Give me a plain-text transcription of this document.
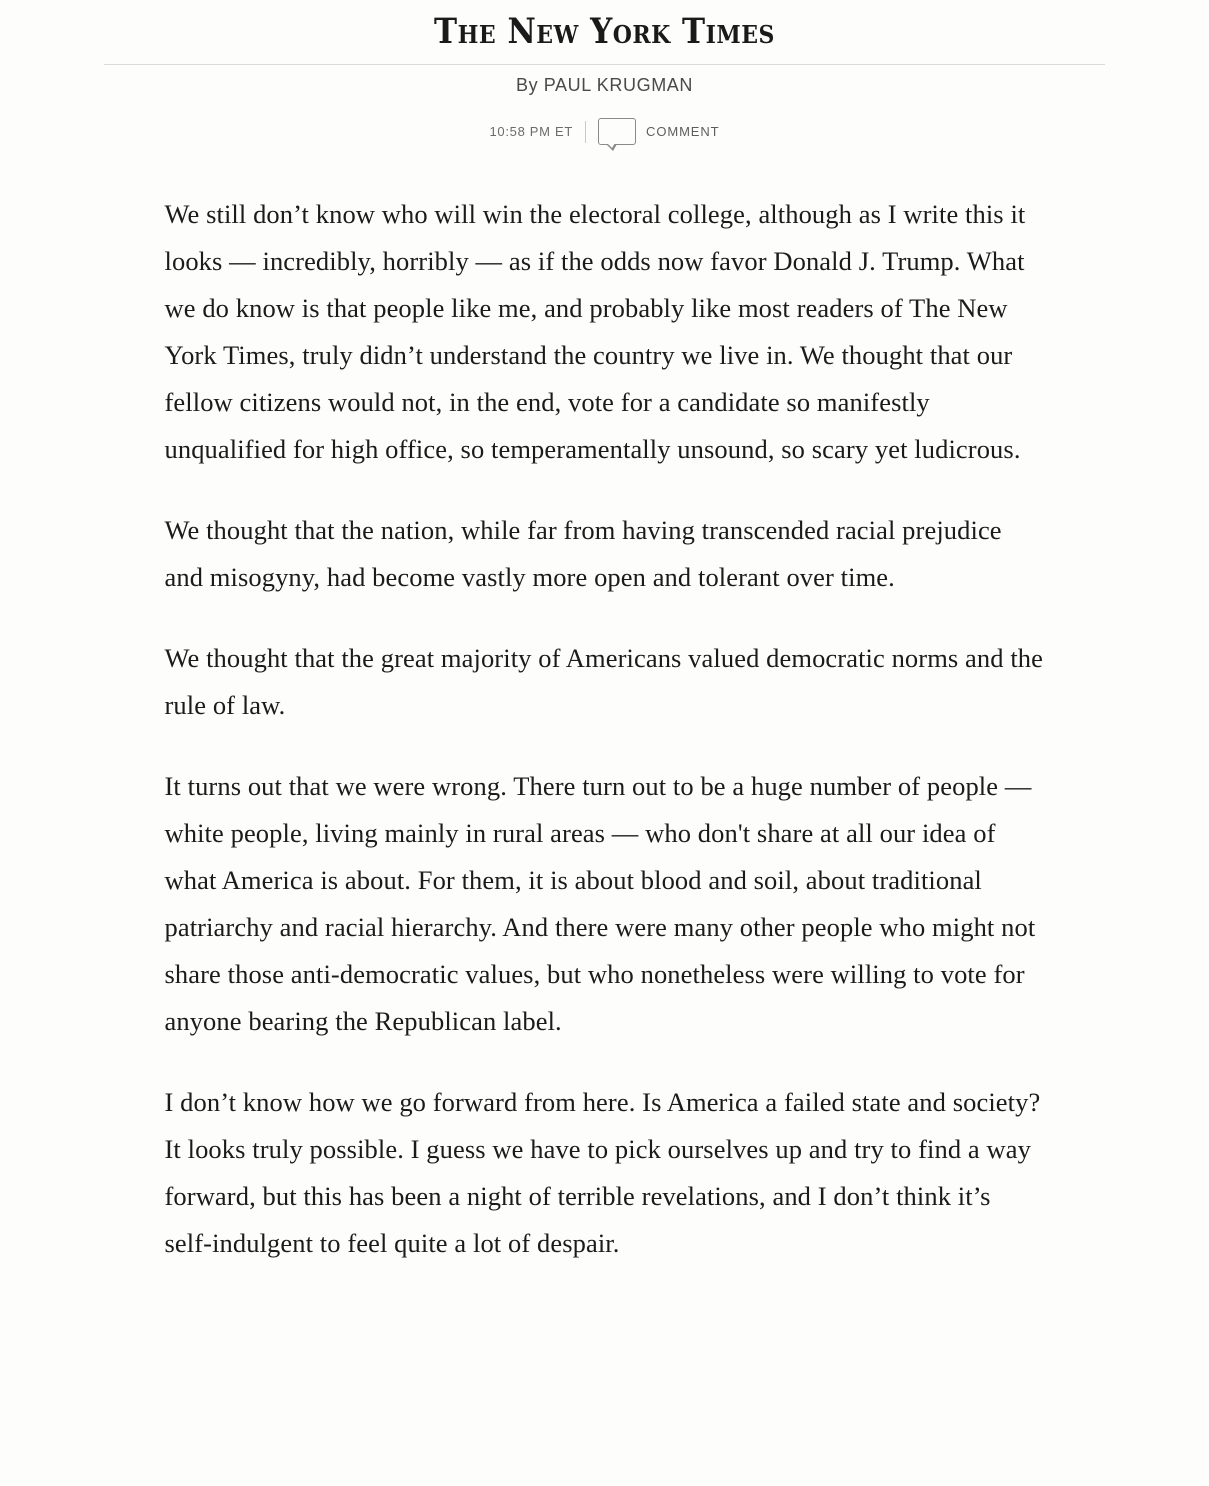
The New York Times
By PAUL KRUGMAN
10:58 PM ET	COMMENT

We still don’t know who will win the electoral college, although as I write this it looks — incredibly, horribly — as if the odds now favor Donald J. Trump. What we do know is that people like me, and probably like most readers of The New York Times, truly didn’t understand the country we live in. We thought that our fellow citizens would not, in the end, vote for a candidate so manifestly unqualified for high office, so temperamentally unsound, so scary yet ludicrous.

We thought that the nation, while far from having transcended racial prejudice and misogyny, had become vastly more open and tolerant over time.

We thought that the great majority of Americans valued democratic norms and the rule of law.

It turns out that we were wrong. There turn out to be a huge number of people — white people, living mainly in rural areas — who don't share at all our idea of what America is about. For them, it is about blood and soil, about traditional patriarchy and racial hierarchy. And there were many other people who might not share those anti-democratic values, but who nonetheless were willing to vote for anyone bearing the Republican label.

I don’t know how we go forward from here. Is America a failed state and society? It looks truly possible. I guess we have to pick ourselves up and try to find a way forward, but this has been a night of terrible revelations, and I don’t think it’s self-indulgent to feel quite a lot of despair.
